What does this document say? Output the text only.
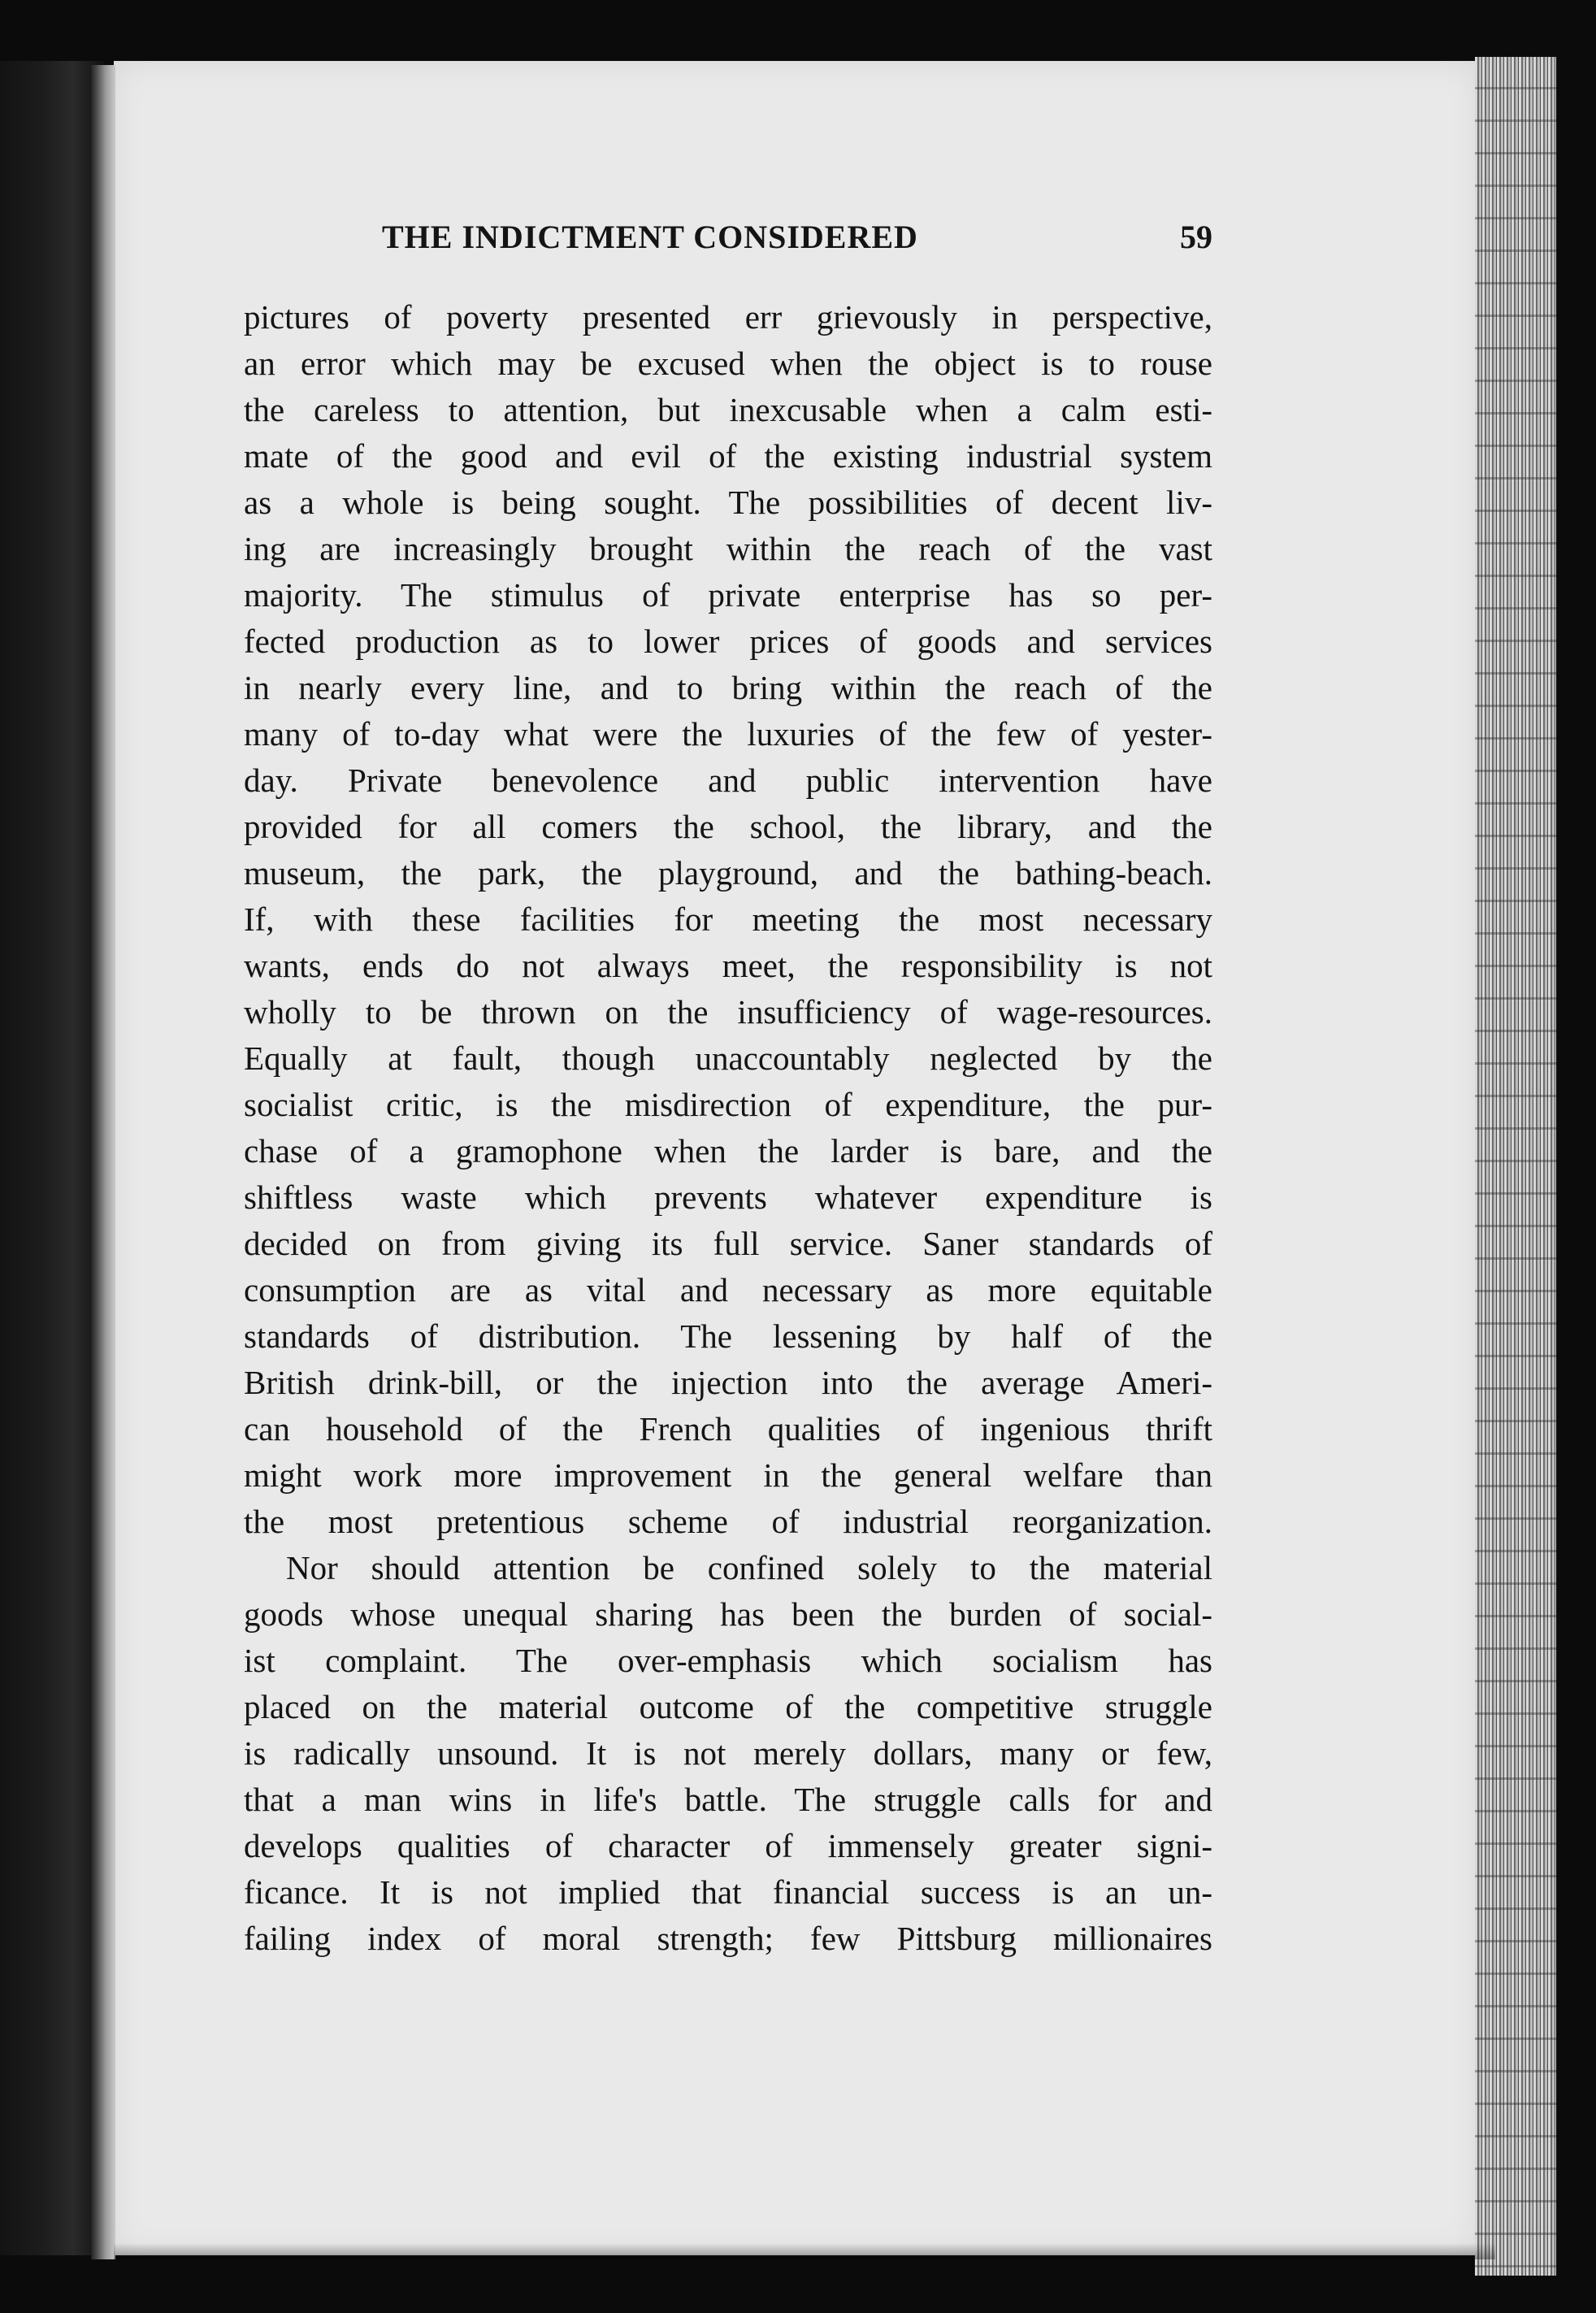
THE INDICTMENT CONSIDERED	59
pictures of poverty presented err grievously in perspective,
an error which may be excused when the object is to rouse
the careless to attention, but inexcusable when a calm esti-
mate of the good and evil of the existing industrial system
as a whole is being sought. The possibilities of decent liv-
ing are increasingly brought within the reach of the vast
majority. The stimulus of private enterprise has so per-
fected production as to lower prices of goods and services
in nearly every line, and to bring within the reach of the
many of to-day what were the luxuries of the few of yester-
day. Private benevolence and public intervention have
provided for all comers the school, the library, and the
museum, the park, the playground, and the bathing-beach.
If, with these facilities for meeting the most necessary
wants, ends do not always meet, the responsibility is not
wholly to be thrown on the insufficiency of wage-resources.
Equally at fault, though unaccountably neglected by the
socialist critic, is the misdirection of expenditure, the pur-
chase of a gramophone when the larder is bare, and the
shiftless waste which prevents whatever expenditure is
decided on from giving its full service. Saner standards of
consumption are as vital and necessary as more equitable
standards of distribution. The lessening by half of the
British drink-bill, or the injection into the average Ameri-
can household of the French qualities of ingenious thrift
might work more improvement in the general welfare than
the most pretentious scheme of industrial reorganization.
Nor should attention be confined solely to the material
goods whose unequal sharing has been the burden of social-
ist complaint. The over-emphasis which socialism has
placed on the material outcome of the competitive struggle
is radically unsound. It is not merely dollars, many or few,
that a man wins in life's battle. The struggle calls for and
develops qualities of character of immensely greater signi-
ficance. It is not implied that financial success is an un-
failing index of moral strength; few Pittsburg millionaires
